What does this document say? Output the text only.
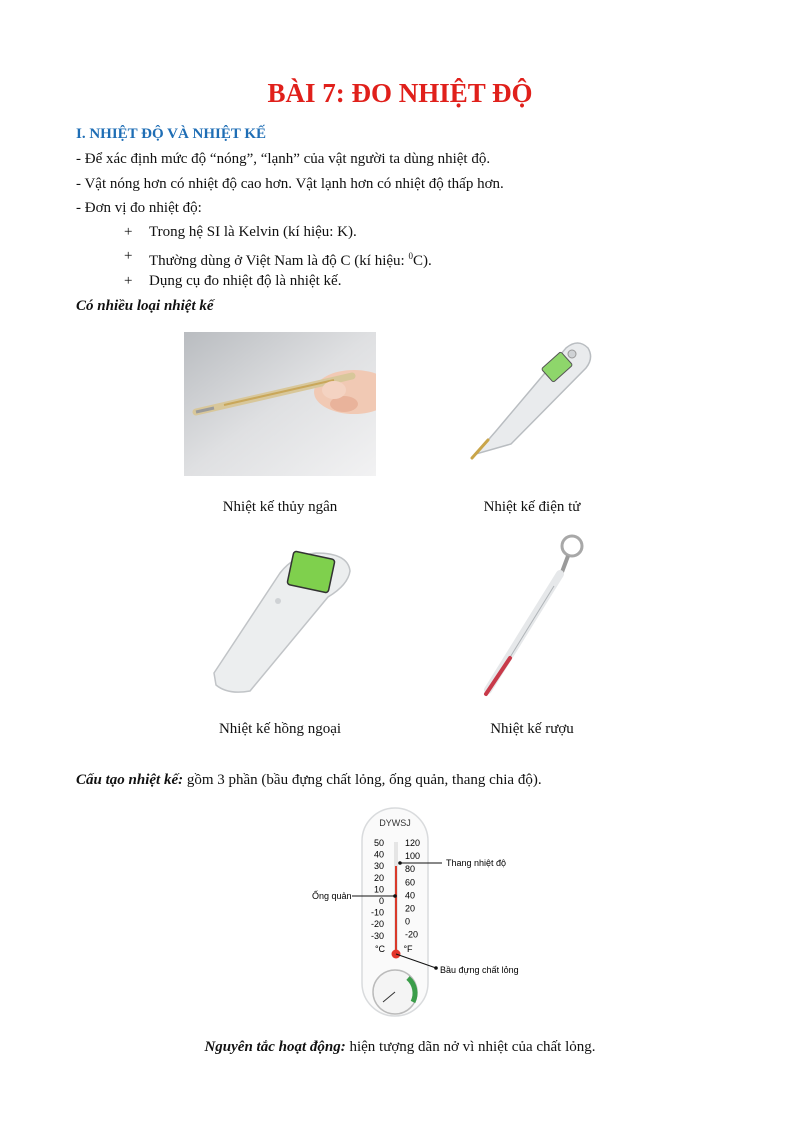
BÀI 7: ĐO NHIỆT ĐỘ
I. NHIỆT ĐỘ VÀ NHIỆT KẾ
- Để xác định mức độ “nóng”, “lạnh” của vật người ta dùng nhiệt độ.
- Vật nóng hơn có nhiệt độ cao hơn. Vật lạnh hơn có nhiệt độ thấp hơn.
- Đơn vị đo nhiệt độ:
+ Trong hệ SI là Kelvin (kí hiệu: K).
+ Thường dùng ở Việt Nam là độ C (kí hiệu: $^0$C).
+ Dụng cụ đo nhiệt độ là nhiệt kế.
Có nhiều loại nhiệt kế
Nhiệt kế thủy ngân	Nhiệt kế điện tử
Nhiệt kế hồng ngoại	Nhiệt kế rượu
Cấu tạo nhiệt kế: gồm 3 phần (bầu đựng chất lỏng, ống quản, thang chia độ).
DYWSJ
50
40
30
20
10
0
-10
-20
-30
120
100
80
60
40
20
0
-20
°C °F
Thang nhiệt độ
Ống quản
Bầu đựng chất lỏng
Nguyên tắc hoạt động: hiện tượng dãn nở vì nhiệt của chất lỏng.
